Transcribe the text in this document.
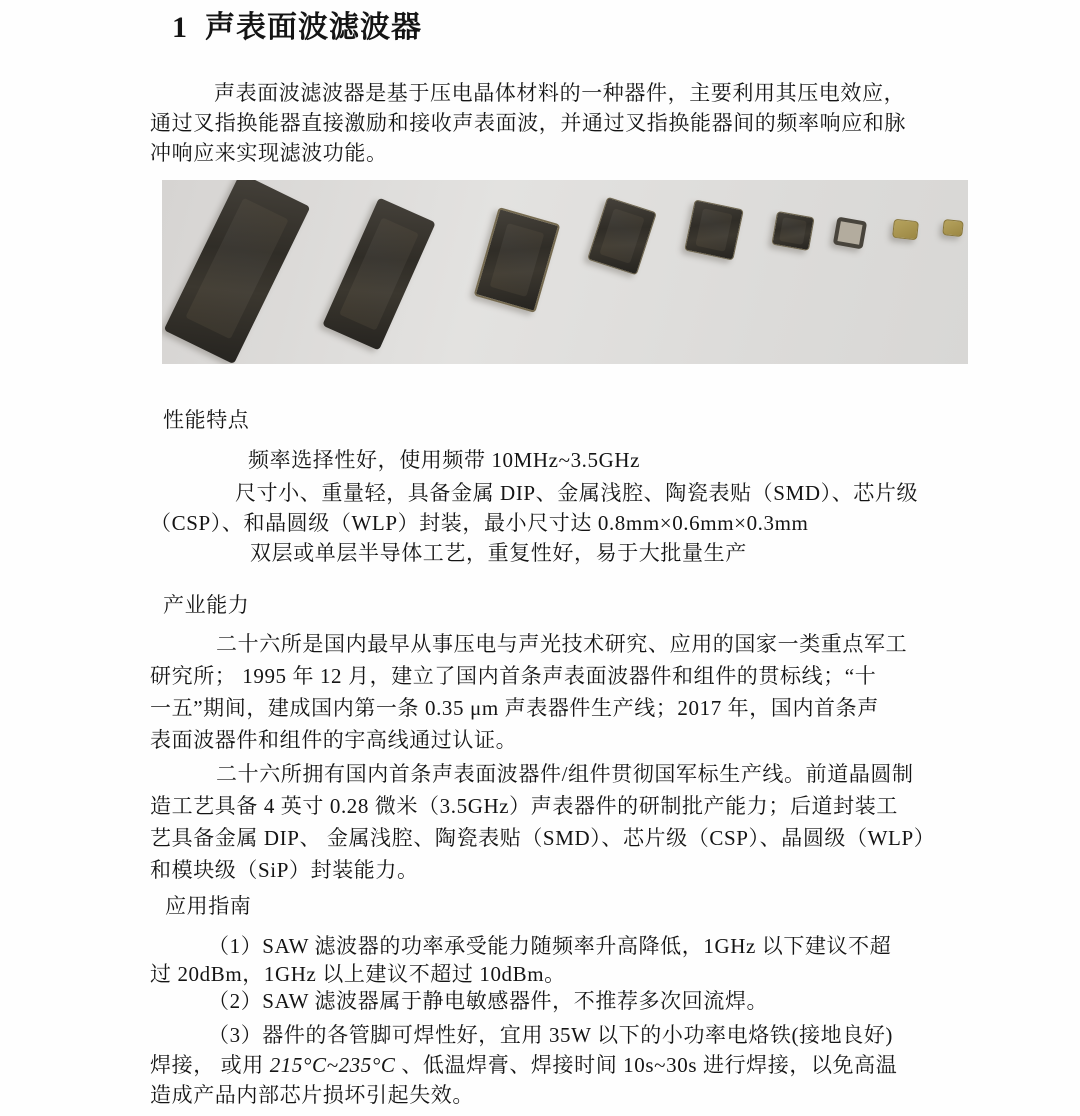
1 声表面波滤波器
声表面波滤波器是基于压电晶体材料的一种器件，主要利用其压电效应，
通过叉指换能器直接激励和接收声表面波，并通过叉指换能器间的频率响应和脉
冲响应来实现滤波功能。
性能特点
频率选择性好，使用频带 10MHz~3.5GHz
尺寸小、重量轻，具备金属 DIP、金属浅腔、陶瓷表贴（SMD）、芯片级
（CSP）、和晶圆级（WLP）封装，最小尺寸达 0.8mm×0.6mm×0.3mm
双层或单层半导体工艺，重复性好，易于大批量生产
产业能力
二十六所是国内最早从事压电与声光技术研究、应用的国家一类重点军工
研究所； 1995 年 12 月，建立了国内首条声表面波器件和组件的贯标线；“十
一五”期间，建成国内第一条 0.35 μm 声表器件生产线；2017 年，国内首条声
表面波器件和组件的宇高线通过认证。
二十六所拥有国内首条声表面波器件/组件贯彻国军标生产线。前道晶圆制
造工艺具备 4 英寸 0.28 微米（3.5GHz）声表器件的研制批产能力；后道封装工
艺具备金属 DIP、 金属浅腔、陶瓷表贴（SMD）、芯片级（CSP）、晶圆级（WLP）
和模块级（SiP）封装能力。
应用指南
（1）SAW 滤波器的功率承受能力随频率升高降低，1GHz 以下建议不超
过 20dBm，1GHz 以上建议不超过 10dBm。
（2）SAW 滤波器属于静电敏感器件，不推荐多次回流焊。
（3）器件的各管脚可焊性好，宜用 35W 以下的小功率电烙铁(接地良好)
焊接， 或用 215°C~235°C 、低温焊膏、焊接时间 10s~30s 进行焊接，以免高温
造成产品内部芯片损坏引起失效。
